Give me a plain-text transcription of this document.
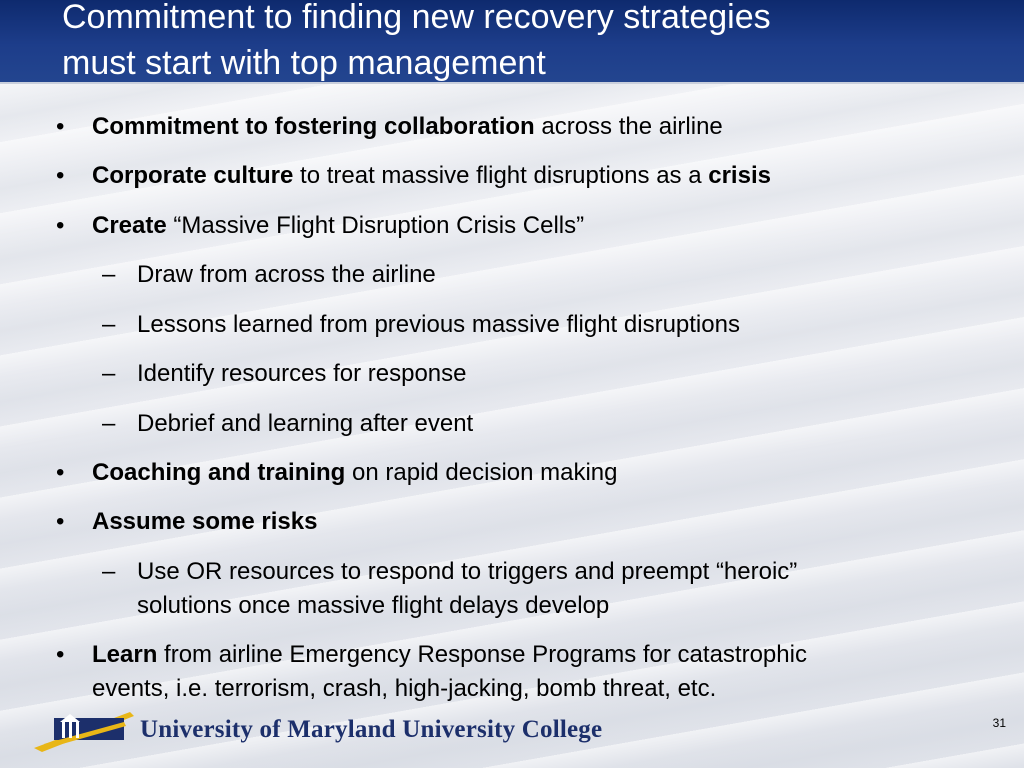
Commitment to finding new recovery strategies
must start with top management
•	Commitment to fostering collaboration across the airline
•	Corporate culture to treat massive flight disruptions as a crisis
•	Create “Massive Flight Disruption Crisis Cells”
– Draw from across the airline
– Lessons learned from previous massive flight disruptions
– Identify resources for response
– Debrief and learning after event
•	Coaching and training on rapid decision making
•	Assume some risks
– Use OR resources to respond to triggers and preempt “heroic”
solutions once massive flight delays develop
•	Learn from airline Emergency Response Programs for catastrophic
events, i.e. terrorism, crash, high-jacking, bomb threat, etc.
University of Maryland University College	31
